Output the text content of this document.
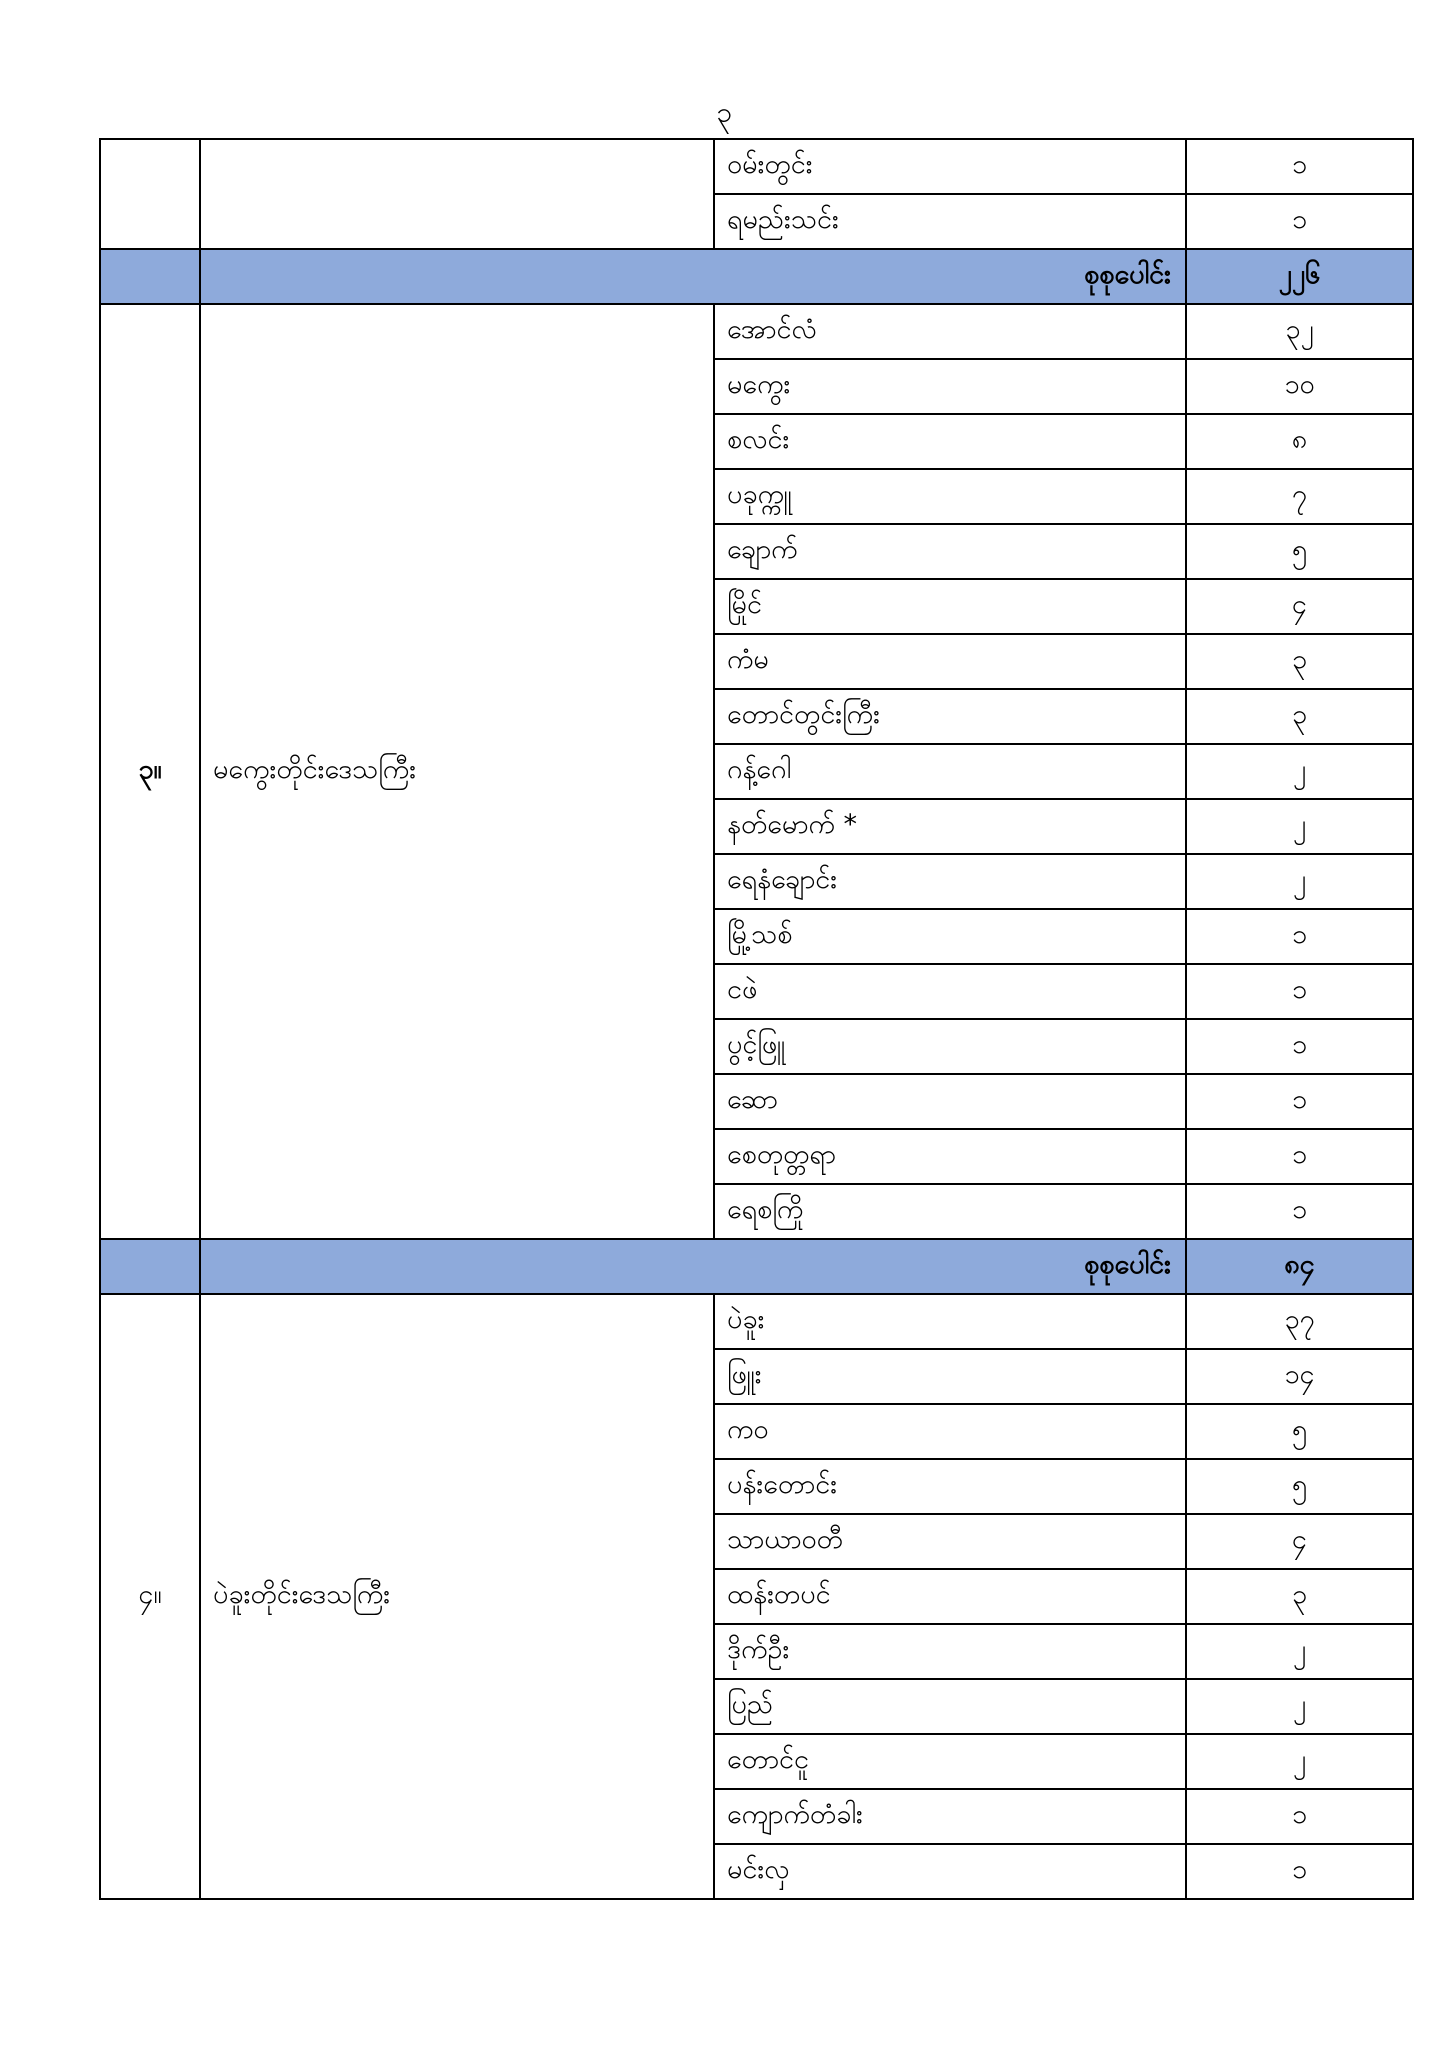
၃
		ဝမ်းတွင်း	၁
		ရမည်းသင်း	၁
	စုစုပေါင်း		၂၂၆
၃။	မကွေးတိုင်းဒေသကြီး	အောင်လံ	၃၂
		မကွေး	၁၀
		စလင်း	၈
		ပခုက္ကူ	၇
		ချောက်	၅
		မြိုင်	၄
		ကံမ	၃
		တောင်တွင်းကြီး	၃
		ဂန့်ဂေါ	၂
		နတ်မောက် *	၂
		ရေနံချောင်း	၂
		မြို့သစ်	၁
		ငဖဲ	၁
		ပွင့်ဖြူ	၁
		ဆော	၁
		စေတုတ္တရာ	၁
		ရေစကြို	၁
	စုစုပေါင်း		၈၄
၄။	ပဲခူးတိုင်းဒေသကြီး	ပဲခူး	၃၇
		ဖြူး	၁၄
		ကဝ	၅
		ပန်းတောင်း	၅
		သာယာဝတီ	၄
		ထန်းတပင်	၃
		ဒိုက်ဦး	၂
		ပြည်	၂
		တောင်ငူ	၂
		ကျောက်တံခါး	၁
		မင်းလှ	၁
